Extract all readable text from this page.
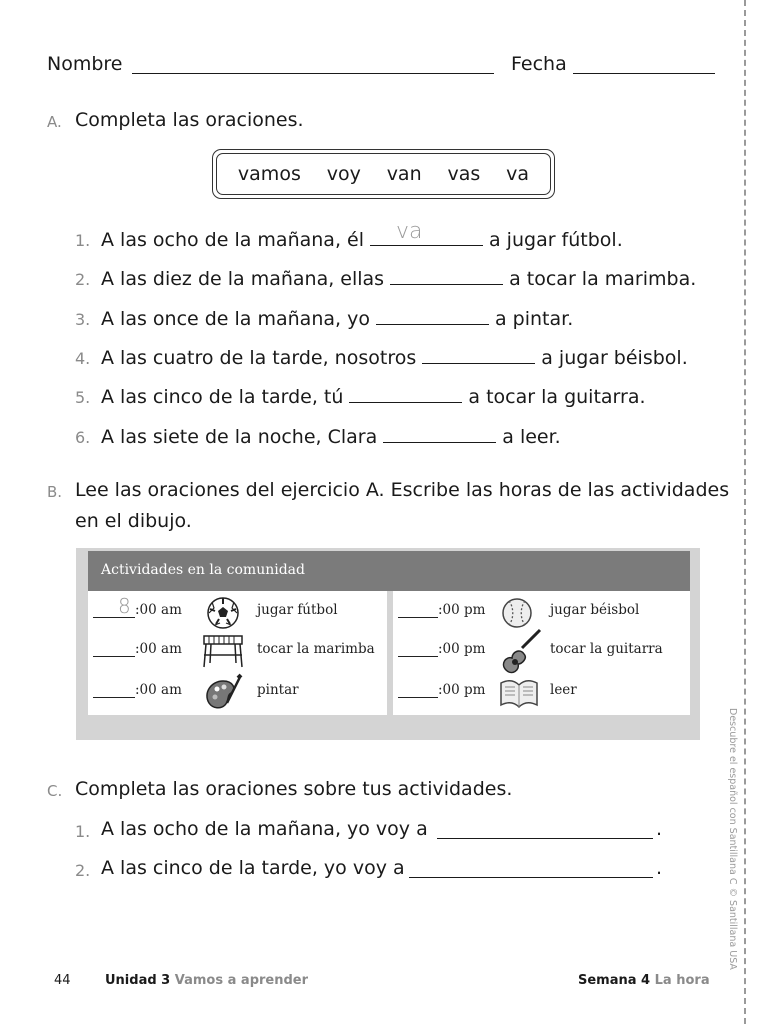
Nombre	Fecha
A. Completa las oraciones.
vamos voy van vas va
1. A las ocho de la mañana, él va	a jugar fútbol.
2. A las diez de la mañana, ellas	a tocar la marimba.
3. A las once de la mañana, yo	a pintar.
4. A las cuatro de la tarde, nosotros	a jugar béisbol.
5. A las cinco de la tarde, tú	a tocar la guitarra.
6. A las siete de la noche, Clara	a leer.
B. Lee las oraciones del ejercicio A. Escribe las horas de las actividades
en el dibujo.
Actividades en la comunidad
8 :00 am	jugar fútbol
:00 am	tocar la marimba
:00 am	pintar
:00 pm	jugar béisbol
:00 pm	tocar la guitarra
:00 pm	leer
C. Completa las oraciones sobre tus actividades.
1. A las ocho de la mañana, yo voy a	.
2. A las cinco de la tarde, yo voy a	.	Descubre el español con Santillana C © Santillana USA
44	Unidad 3 Vamos a aprender	Semana 4 La hora
